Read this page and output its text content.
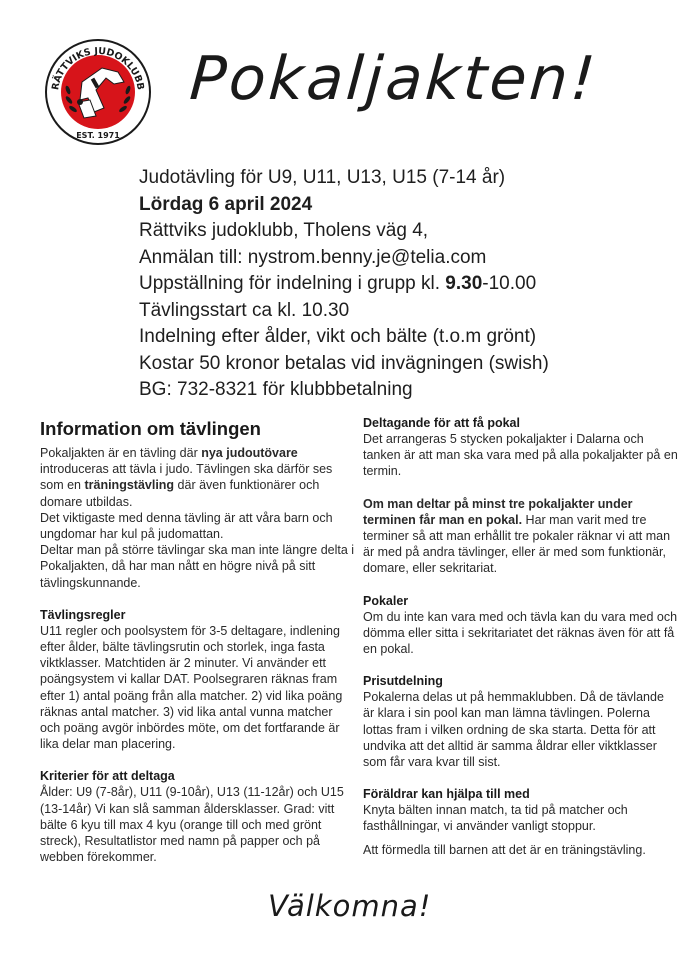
RÄTTVIKS JUDOKLUBB
EST. 1971
Pokaljakten!
Judotävling för U9, U11, U13, U15 (7-14 år)
Lördag 6 april 2024
Rättviks judoklubb, Tholens väg 4,
Anmälan till: nystrom.benny.je@telia.com
Uppställning för indelning i grupp kl. 9.30-10.00
Tävlingsstart ca kl. 10.30
Indelning efter ålder, vikt och bälte (t.o.m grönt)
Kostar 50 kronor betalas vid invägningen (swish)
BG: 732-8321 för klubbbetalning
Information om tävlingen

Pokaljakten är en tävling där nya judoutövare introduceras att tävla i judo. Tävlingen ska därför ses som en träningstävling där även funktionärer och domare utbildas.

Det viktigaste med denna tävling är att våra barn och ungdomar har kul på judomattan.

Deltar man på större tävlingar ska man inte längre delta i Pokaljakten, då har man nått en högre nivå på sitt tävlingskunnande.

Tävlingsregler

U11 regler och poolsystem för 3-5 deltagare, indlening efter ålder, bälte tävlingsrutin och storlek, inga fasta viktklasser. Matchtiden är 2 minuter. Vi använder ett poängsystem vi kallar DAT. Poolsegraren räknas fram efter 1) antal poäng från alla matcher. 2) vid lika poäng räknas antal matcher. 3) vid lika antal vunna matcher och poäng avgör inbördes möte, om det fortfarande är lika delar man placering.

Kriterier för att deltaga

Ålder: U9 (7-8år), U11 (9-10år), U13 (11-12år) och U15 (13-14år) Vi kan slå samman åldersklasser. Grad: vitt bälte 6 kyu till max 4 kyu (orange till och med grönt streck), Resultatlistor med namn på papper och på webben förekommer.

Deltagande för att få pokal

Det arrangeras 5 stycken pokaljakter i Dalarna och tanken är att man ska vara med på alla pokaljakter på en termin.

Om man deltar på minst tre pokaljakter under terminen får man en pokal. Har man varit med tre terminer så att man erhållit tre pokaler räknar vi att man är med på andra tävlinger, eller är med som funktionär, domare, eller sekritariat.

Pokaler

Om du inte kan vara med och tävla kan du vara med och dömma eller sitta i sekritariatet det räknas även för att få en pokal.

Prisutdelning

Pokalerna delas ut på hemmaklubben. Då de tävlande är klara i sin pool kan man lämna tävlingen. Polerna lottas fram i vilken ordning de ska starta. Detta för att undvika att det alltid är samma åldrar eller viktklasser som får vara kvar till sist.

Föräldrar kan hjälpa till med

Knyta bälten innan match, ta tid på matcher och fasthållningar, vi använder vanligt stoppur.

Att förmedla till barnen att det är en träningstävling.

Välkomna!
